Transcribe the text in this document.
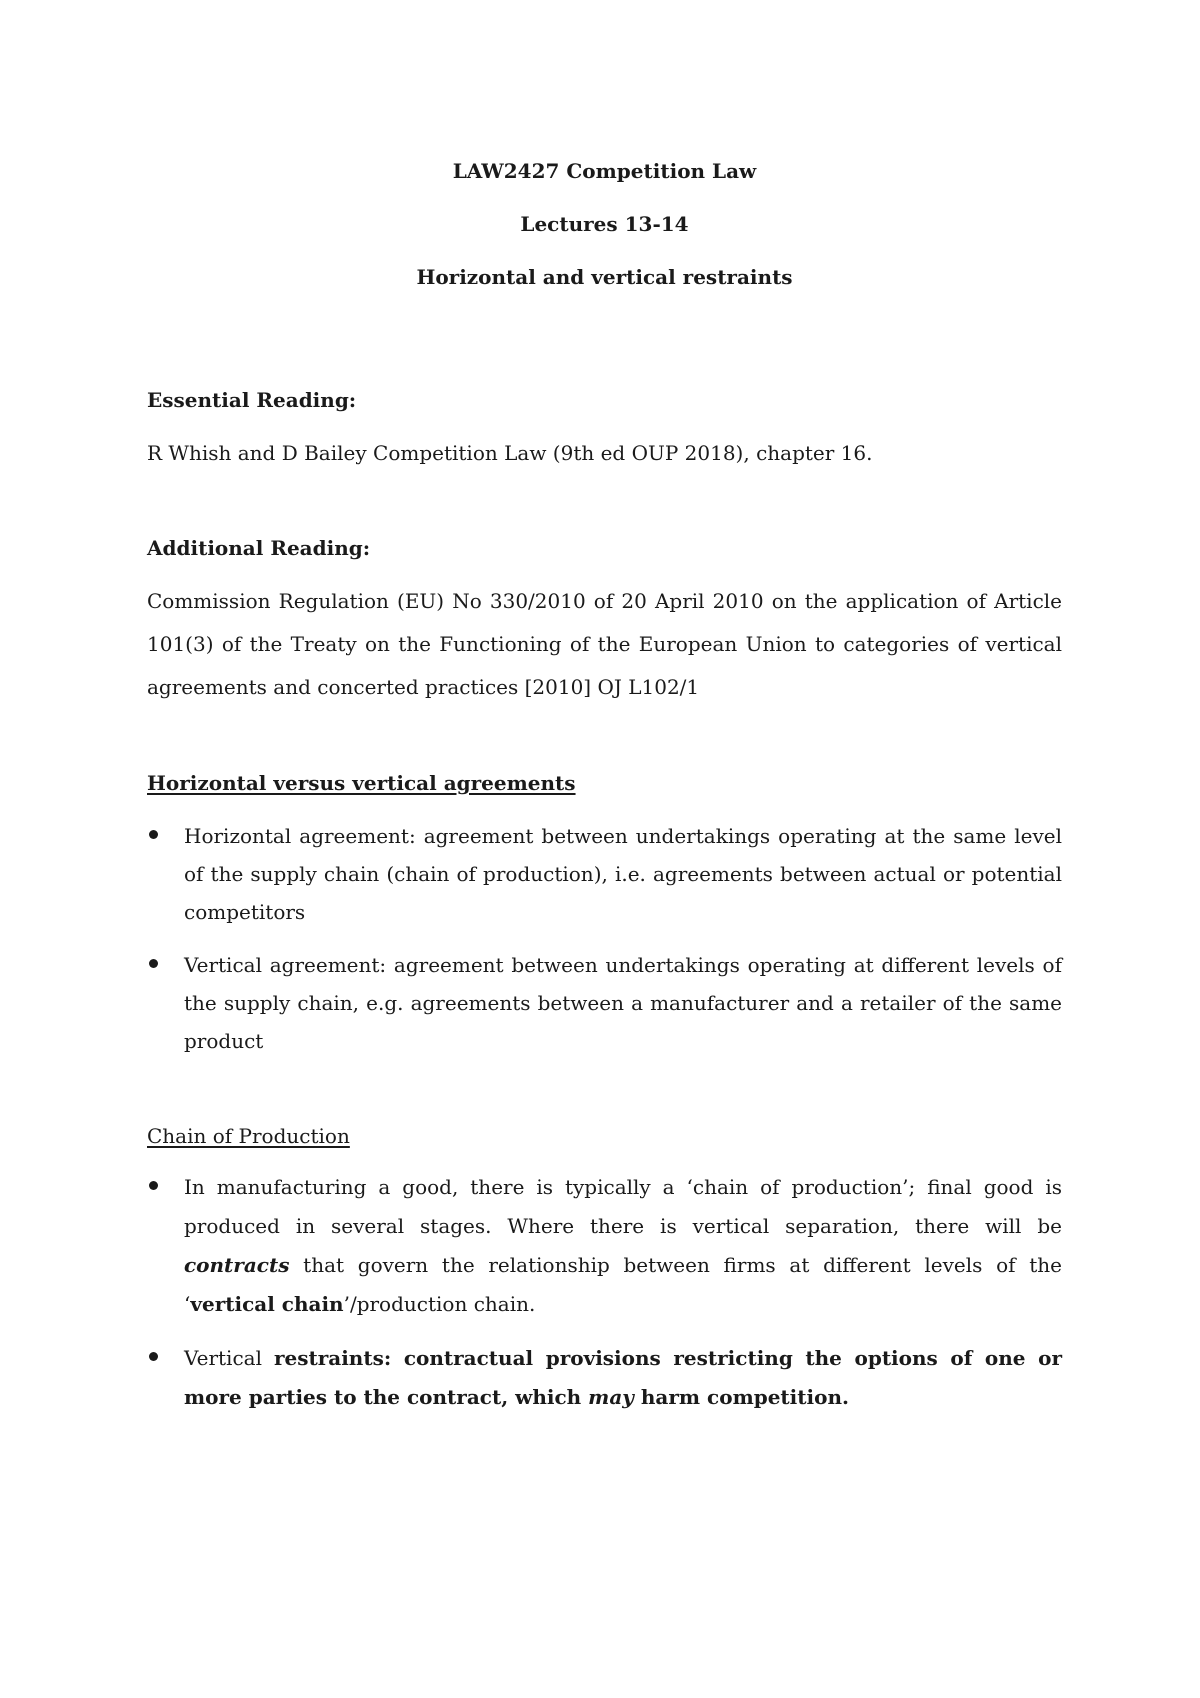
LAW2427 Competition Law
Lectures 13-14
Horizontal and vertical restraints
Essential Reading:

R Whish and D Bailey Competition Law (9th ed OUP 2018), chapter 16.

Additional Reading:

Commission Regulation (EU) No 330/2010 of 20 April 2010 on the application of Article 101(3) of the Treaty on the Functioning of the European Union to categories of vertical agreements and concerted practices [2010] OJ L102/1

Horizontal versus vertical agreements
Horizontal agreement: agreement between undertakings operating at the same level of the supply chain (chain of production), i.e. agreements between actual or potential competitors
Vertical agreement: agreement between undertakings operating at different levels of the supply chain, e.g. agreements between a manufacturer and a retailer of the same product
Chain of Production
In manufacturing a good, there is typically a ‘chain of production’; final good is produced in several stages. Where there is vertical separation, there will be contracts that govern the relationship between firms at different levels of the ‘vertical chain’/production chain.
Vertical restraints: contractual provisions restricting the options of one or more parties to the contract, which may harm competition.
